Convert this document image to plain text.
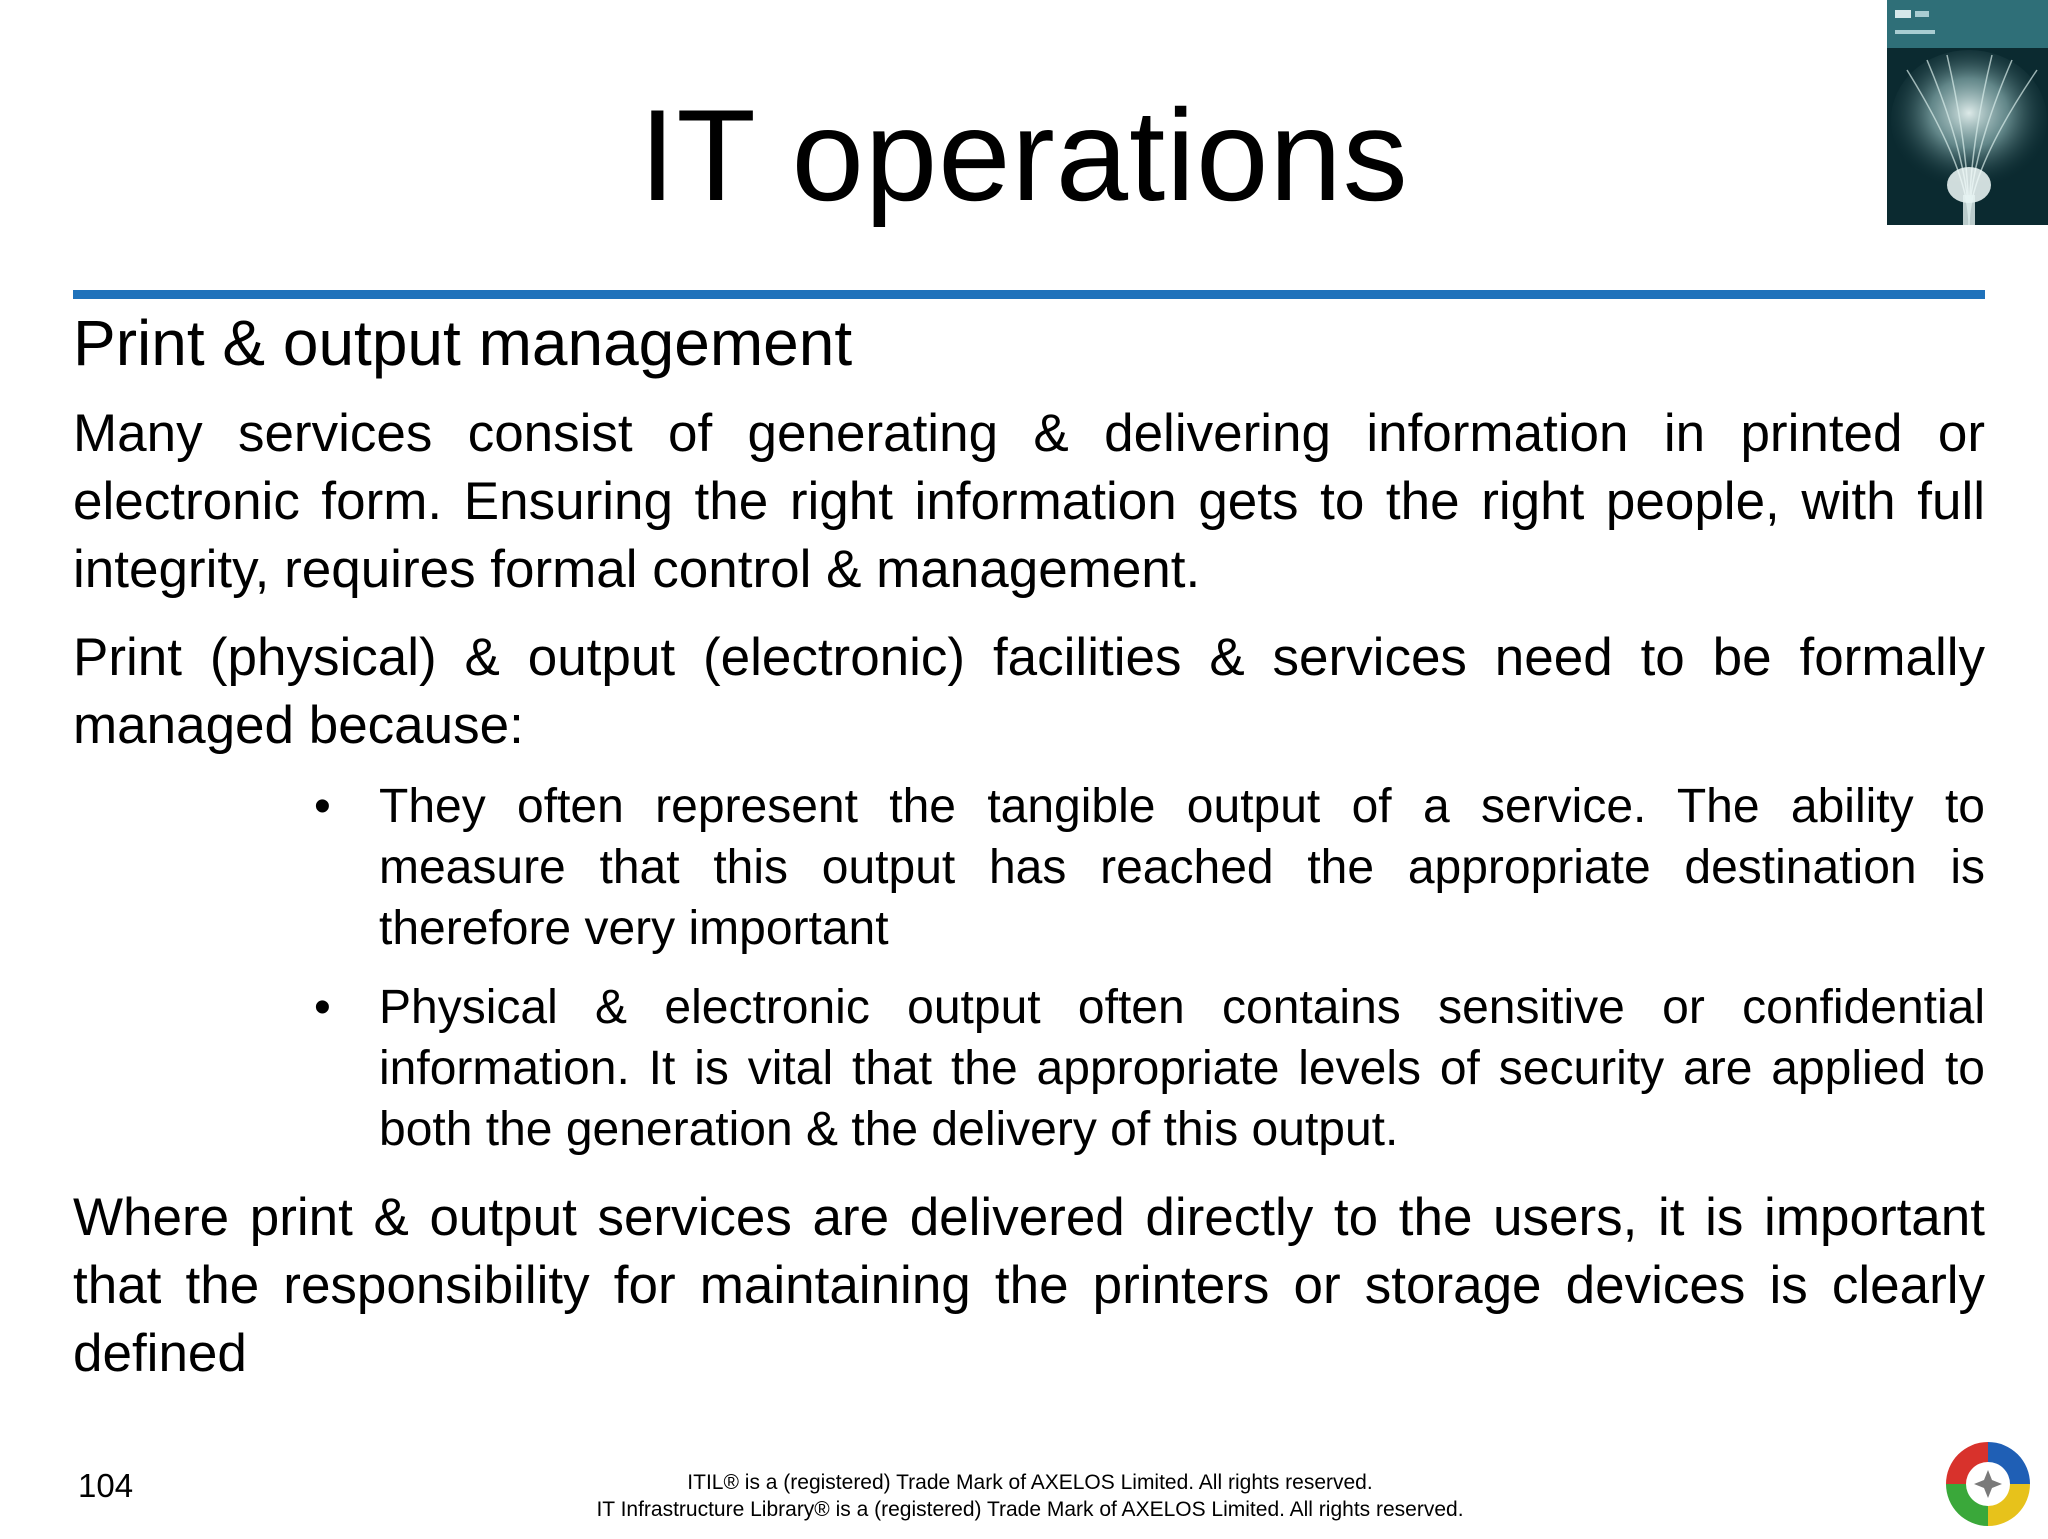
IT operations
Print & output management

Many services consist of generating & delivering information in printed or electronic form. Ensuring the right information gets to the right people, with full integrity, requires formal control & management.

Print (physical) & output (electronic) facilities & services need to be formally managed because:

• They often represent the tangible output of a service. The ability to measure that this output has reached the appropriate destination is therefore very important
• Physical & electronic output often contains sensitive or confidential information. It is vital that the appropriate levels of security are applied to both the generation & the delivery of this output.

Where print & output services are delivered directly to the users, it is important that the responsibility for maintaining the printers or storage devices is clearly defined

104	ITIL® is a (registered) Trade Mark of AXELOS Limited. All rights reserved.
IT Infrastructure Library® is a (registered) Trade Mark of AXELOS Limited. All rights reserved.
